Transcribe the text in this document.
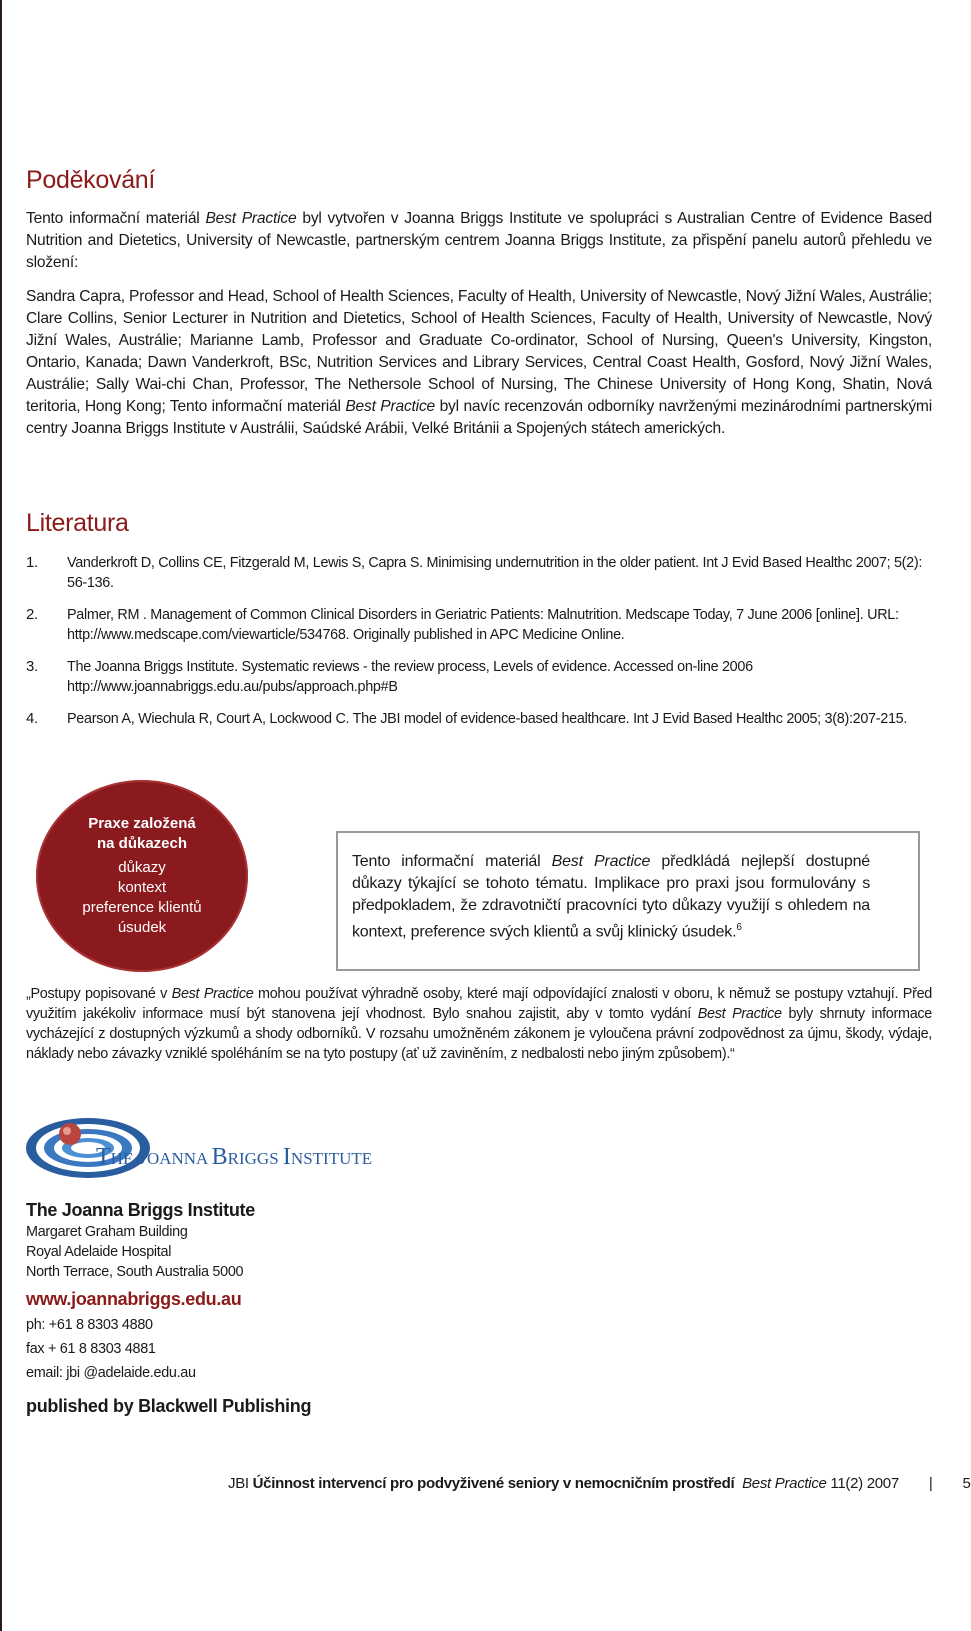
Poděkování

Tento informační materiál Best Practice byl vytvořen v Joanna Briggs Institute ve spolupráci s Australian Centre of Evidence Based Nutrition and Dietetics, University of Newcastle, partnerským centrem Joanna Briggs Institute, za přispění panelu autorů přehledu ve složení:

Sandra Capra, Professor and Head, School of Health Sciences, Faculty of Health, University of Newcastle, Nový Jižní Wales, Austrálie; Clare Collins, Senior Lecturer in Nutrition and Dietetics, School of Health Sciences, Faculty of Health, University of Newcastle, Nový Jižní Wales, Austrálie; Marianne Lamb, Professor and Graduate Co-ordinator, School of Nursing, Queen's University, Kingston, Ontario, Kanada; Dawn Vanderkroft, BSc, Nutrition Services and Library Services, Central Coast Health, Gosford, Nový Jižní Wales, Austrálie; Sally Wai-chi Chan, Professor, The Nethersole School of Nursing, The Chinese University of Hong Kong, Shatin, Nová teritoria, Hong Kong; Tento informační materiál Best Practice byl navíc recenzován odborníky navrženými mezinárodními partnerskými centry Joanna Briggs Institute v Austrálii, Saúdské Arábii, Velké Británii a Spojených státech amerických.

Literatura
1.	Vanderkroft D, Collins CE, Fitzgerald M, Lewis S, Capra S. Minimising undernutrition in the older patient. Int J Evid Based Healthc 2007; 5(2): 56-136.
2.	Palmer, RM . Management of Common Clinical Disorders in Geriatric Patients: Malnutrition. Medscape Today, 7 June 2006 [online]. URL: http://www.medscape.com/viewarticle/534768. Originally published in APC Medicine Online.
3.	The Joanna Briggs Institute. Systematic reviews - the review process, Levels of evidence. Accessed on-line 2006 http://www.joannabriggs.edu.au/pubs/approach.php#B
4.	Pearson A, Wiechula R, Court A, Lockwood C. The JBI model of evidence-based healthcare. Int J Evid Based Healthc 2005; 3(8):207-215.
„Postupy popisované v Best Practice mohou používat výhradně osoby, které mají odpovídající znalosti v oboru, k němuž se postupy vztahují. Před využitím jakékoliv informace musí být stanovena její vhodnost. Bylo snahou zajistit, aby v tomto vydání Best Practice byly shrnuty informace vycházející z dostupných výzkumů a shody odborníků. V rozsahu umožněném zákonem je vyloučena právní zodpovědnost za újmu, škody, výdaje, náklady nebo závazky vzniklé spoléháním se na tyto postupy (ať už zaviněním, z nedbalosti nebo jiným způsobem).“
THE JOANNA BRIGGS INSTITUTE
The Joanna Briggs Institute
Margaret Graham Building
Royal Adelaide Hospital
North Terrace, South Australia 5000
www.joannabriggs.edu.au
ph: +61 8 8303 4880
fax + 61 8 8303 4881
email: jbi @adelaide.edu.au
published by Blackwell Publishing
Praxe založená
na důkazech
důkazy
kontext
preference klientů
úsudek
Tento informační materiál Best Practice předkládá nejlepší dostupné důkazy týkající se tohoto tématu. Implikace pro praxi jsou formulovány s předpokladem, že zdravotničtí pracovníci tyto důkazy využijí s ohledem na kontext, preference svých klientů a svůj klinický úsudek.$^6$
JBI Účinnost intervencí pro podvyživené seniory v nemocničním prostředí Best Practice 11(2) 2007 | 5
